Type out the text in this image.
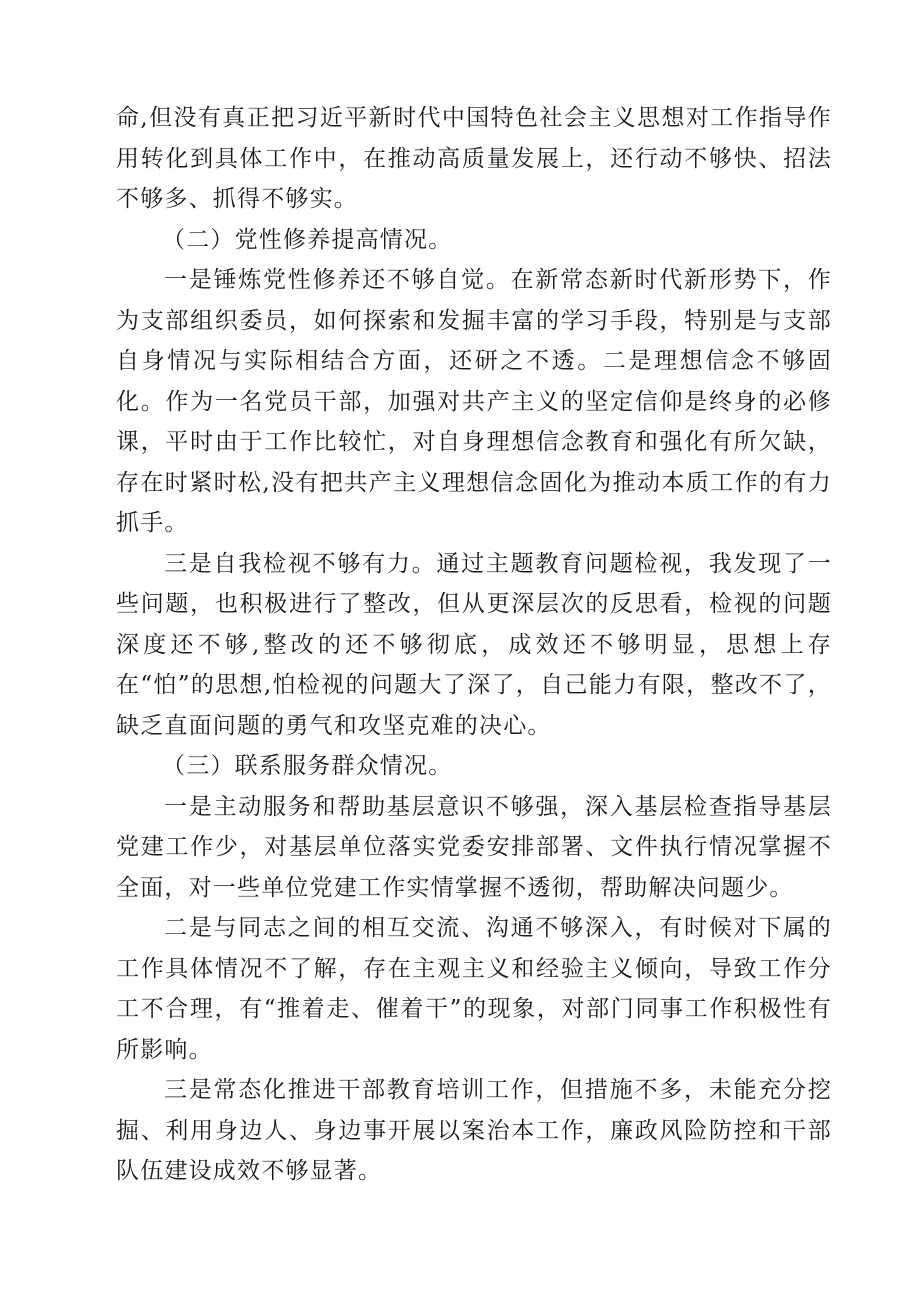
命,但没有真正把习近平新时代中国特色社会主义思想对工作指导作用转化到具体工作中，在推动高质量发展上，还行动不够快、招法不够多、抓得不够实。

（二）党性修养提高情况。

一是锤炼党性修养还不够自觉。在新常态新时代新形势下，作为支部组织委员，如何探索和发掘丰富的学习手段，特别是与支部自身情况与实际相结合方面，还研之不透。二是理想信念不够固化。作为一名党员干部，加强对共产主义的坚定信仰是终身的必修课，平时由于工作比较忙，对自身理想信念教育和强化有所欠缺，存在时紧时松,没有把共产主义理想信念固化为推动本质工作的有力抓手。

三是自我检视不够有力。通过主题教育问题检视，我发现了一些问题，也积极进行了整改，但从更深层次的反思看，检视的问题深度还不够,整改的还不够彻底，成效还不够明显，思想上存在“怕”的思想,怕检视的问题大了深了，自己能力有限，整改不了，缺乏直面问题的勇气和攻坚克难的决心。

（三）联系服务群众情况。

一是主动服务和帮助基层意识不够强，深入基层检查指导基层党建工作少，对基层单位落实党委安排部署、文件执行情况掌握不全面，对一些单位党建工作实情掌握不透彻，帮助解决问题少。

二是与同志之间的相互交流、沟通不够深入，有时候对下属的工作具体情况不了解，存在主观主义和经验主义倾向，导致工作分工不合理，有“推着走、催着干”的现象，对部门同事工作积极性有所影响。

三是常态化推进干部教育培训工作，但措施不多，未能充分挖掘、利用身边人、身边事开展以案治本工作，廉政风险防控和干部队伍建设成效不够显著。
